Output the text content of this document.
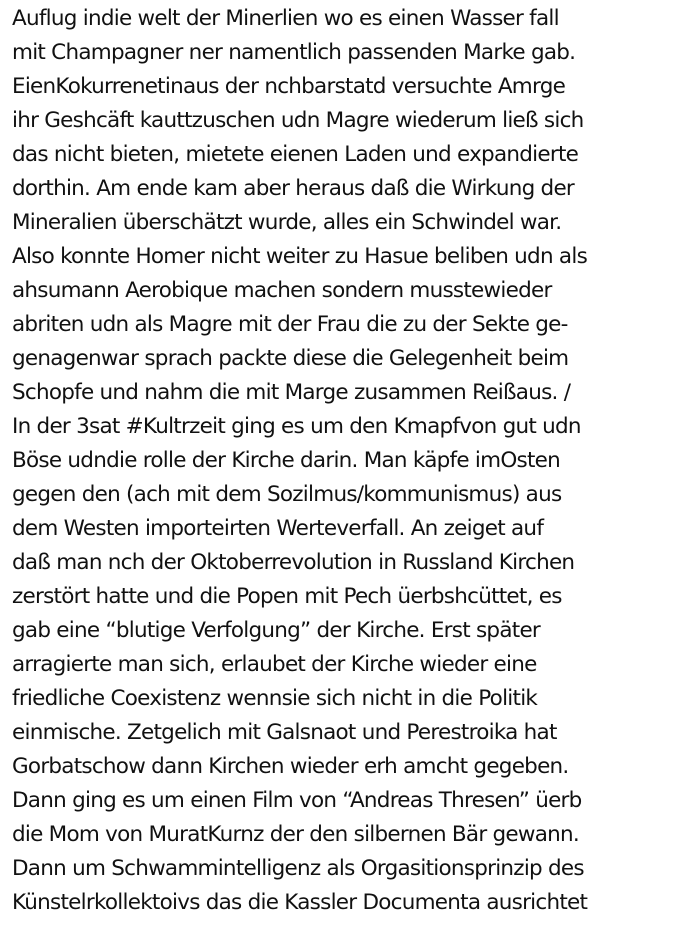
Auflug indie welt der Minerlien wo es einen Wasser fall
mit Champagner ner namentlich passenden Marke gab.
EienKokurrenetinaus der nchbarstatd versuchte Amrge
ihr Geshcäft kauttzuschen udn Magre wiederum ließ sich
das nicht bieten, mietete eienen Laden und expandierte
dorthin. Am ende kam aber heraus daß die Wirkung der
Mineralien überschätzt wurde, alles ein Schwindel war.
Also konnte Homer nicht weiter zu Hasue beliben udn als
ahsumann Aerobique machen sondern musstewieder
abriten udn als Magre mit der Frau die zu der Sekte ge-
genagenwar sprach packte diese die Gelegenheit beim
Schopfe und nahm die mit Marge zusammen Reißaus. /
In der 3sat #Kultrzeit ging es um den Kmapfvon gut udn
Böse udndie rolle der Kirche darin. Man käpfe imOsten
gegen den (ach mit dem Sozilmus/kommunismus) aus
dem Westen importeirten Werteverfall. An zeiget auf
daß man nch der Oktoberrevolution in Russland Kirchen
zerstört hatte und die Popen mit Pech üerbshcüttet, es
gab eine “blutige Verfolgung” der Kirche. Erst später
arragierte man sich, erlaubet der Kirche wieder eine
friedliche Coexistenz wennsie sich nicht in die Politik
einmische. Zetgelich mit Galsnaot und Perestroika hat
Gorbatschow dann Kirchen wieder erh amcht gegeben.
Dann ging es um einen Film von “Andreas Thresen” üerb
die Mom von MuratKurnz der den silbernen Bär gewann.
Dann um Schwammintelligenz als Orgasitionsprinzip des
Künstelrkollektoivs das die Kassler Documenta ausrichtet
